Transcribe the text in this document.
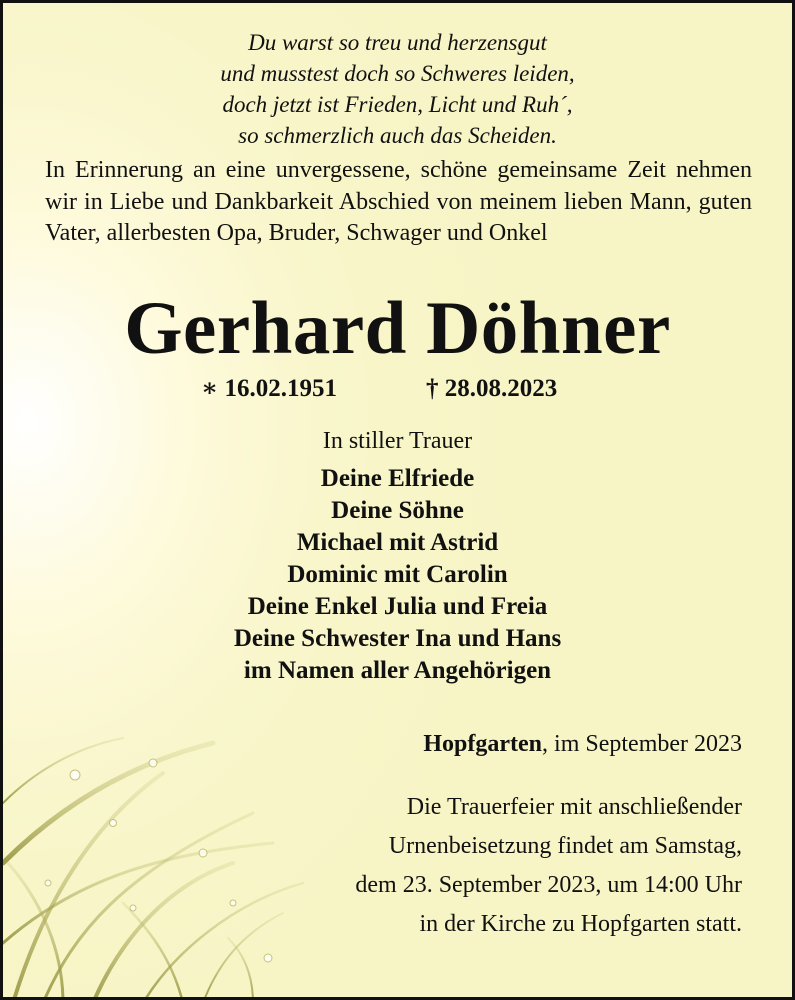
Du warst so treu und herzensgut
und musstest doch so Schweres leiden,
doch jetzt ist Frieden, Licht und Ruh´,
so schmerzlich auch das Scheiden.

In Erinnerung an eine unvergessene, schöne gemeinsame Zeit nehmen wir in Liebe und Dankbarkeit Abschied von meinem lieben Mann, guten Vater, allerbesten Opa, Bruder, Schwager und Onkel

Gerhard Döhner
∗ 16.02.1951	† 28.08.2023
In stiller Trauer
Deine Elfriede
Deine Söhne
Michael mit Astrid
Dominic mit Carolin
Deine Enkel Julia und Freia
Deine Schwester Ina und Hans
im Namen aller Angehörigen
Hopfgarten, im September 2023
Die Trauerfeier mit anschließender
Urnenbeisetzung findet am Samstag,
dem 23. September 2023, um 14:00 Uhr
in der Kirche zu Hopfgarten statt.
